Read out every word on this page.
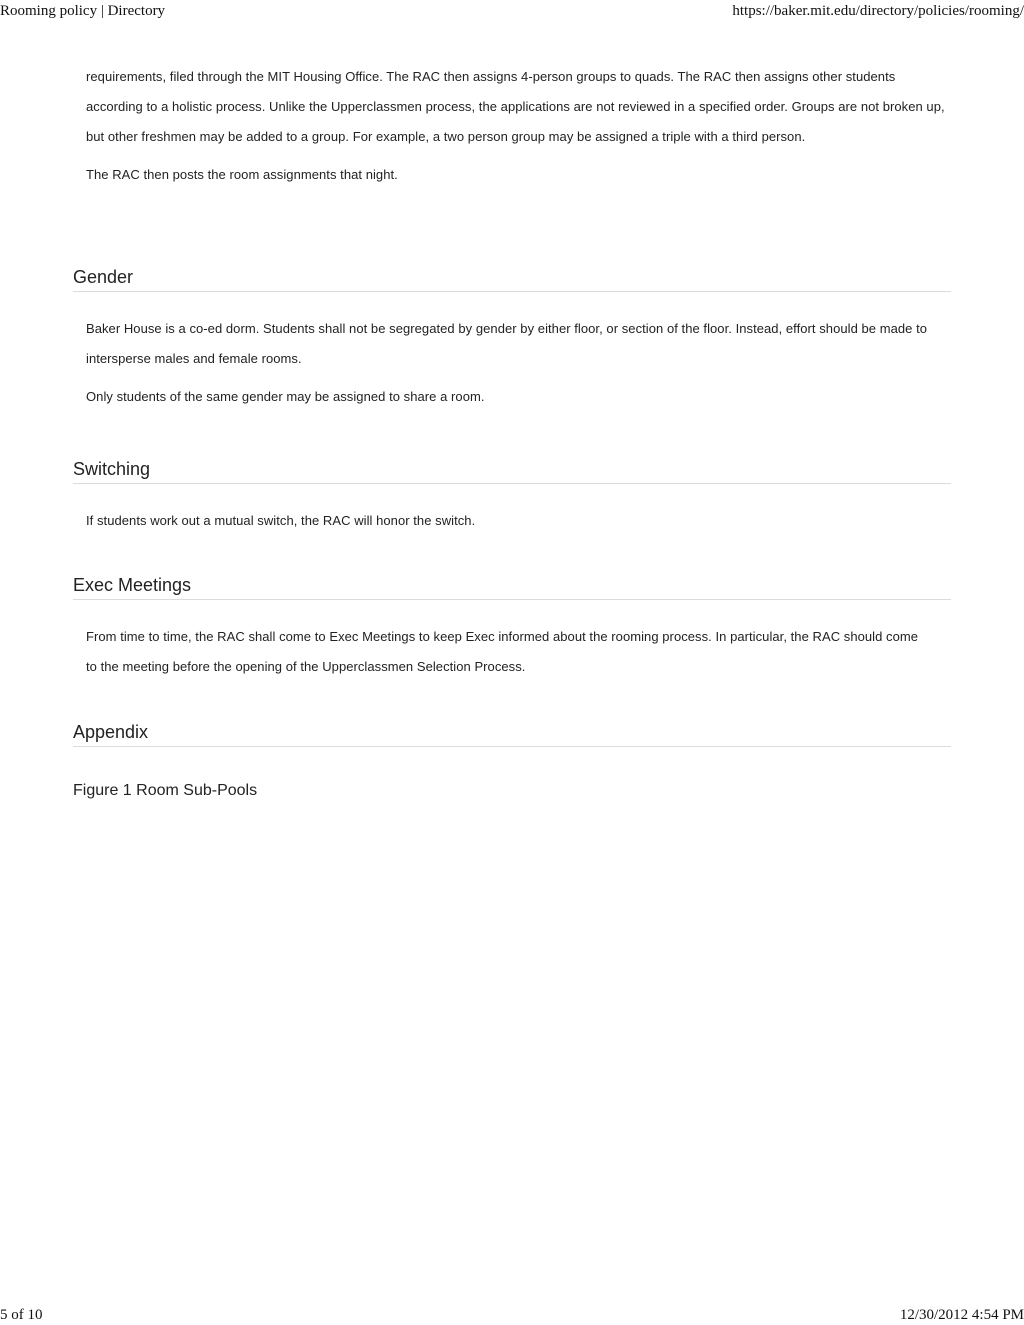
Rooming policy | Directory	https://baker.mit.edu/directory/policies/rooming/

requirements, filed through the MIT Housing Office. The RAC then assigns 4-person groups to quads. The RAC then assigns other students according to a holistic process. Unlike the Upperclassmen process, the applications are not reviewed in a specified order. Groups are not broken up, but other freshmen may be added to a group. For example, a two person group may be assigned a triple with a third person.

The RAC then posts the room assignments that night.

Gender

Baker House is a co-ed dorm. Students shall not be segregated by gender by either floor, or section of the floor. Instead, effort should be made to intersperse males and female rooms.

Only students of the same gender may be assigned to share a room.

Switching

If students work out a mutual switch, the RAC will honor the switch.

Exec Meetings

From time to time, the RAC shall come to Exec Meetings to keep Exec informed about the rooming process. In particular, the RAC should come to the meeting before the opening of the Upperclassmen Selection Process.

Appendix

Figure 1 Room Sub-Pools

5 of 10	12/30/2012 4:54 PM
